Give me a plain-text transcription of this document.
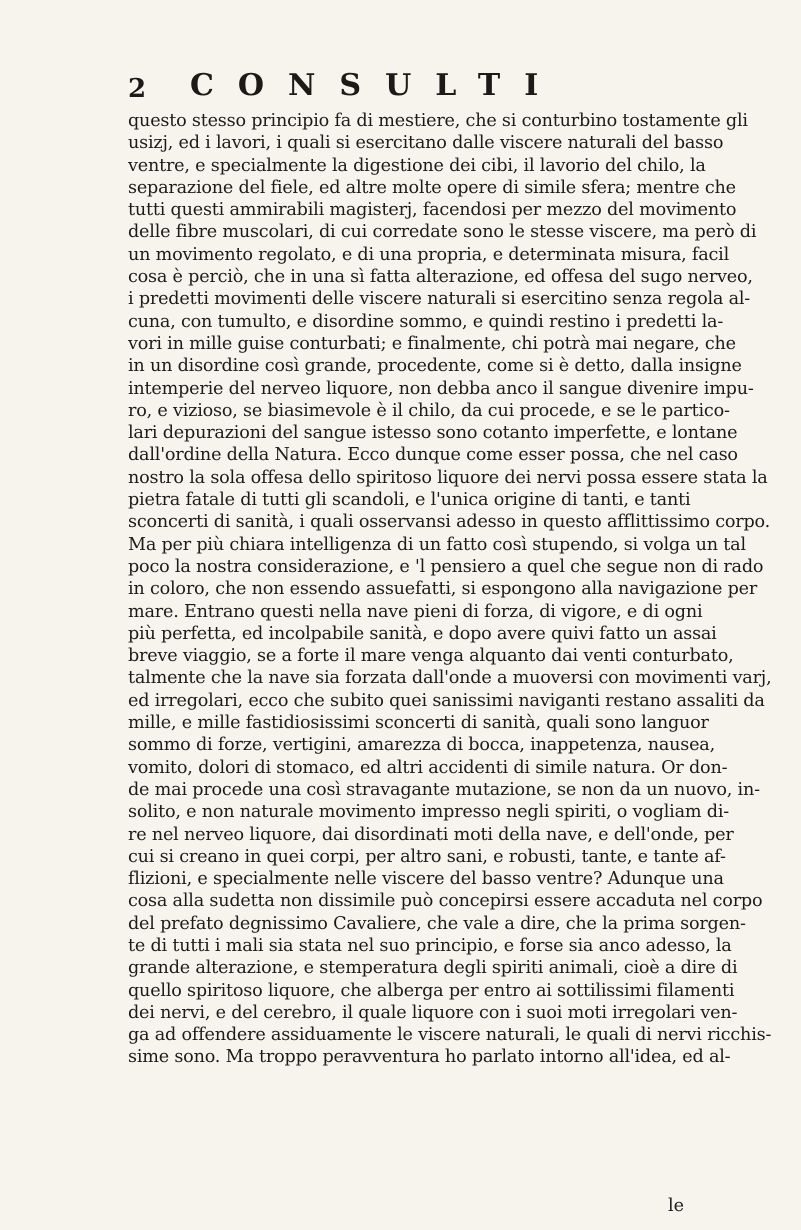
2 CONSULTI
questo stesso principio fa di mestiere, che si conturbino tostamente gli
usizj, ed i lavori, i quali si esercitano dalle viscere naturali del basso
ventre, e specialmente la digestione dei cibi, il lavorio del chilo, la
separazione del fiele, ed altre molte opere di simile sfera; mentre che
tutti questi ammirabili magisterj, facendosi per mezzo del movimento
delle fibre muscolari, di cui corredate sono le stesse viscere, ma però di
un movimento regolato, e di una propria, e determinata misura, facil
cosa è perciò, che in una sì fatta alterazione, ed offesa del sugo nerveo,
i predetti movimenti delle viscere naturali si esercitino senza regola al-
cuna, con tumulto, e disordine sommo, e quindi restino i predetti la-
vori in mille guise conturbati; e finalmente, chi potrà mai negare, che
in un disordine così grande, procedente, come si è detto, dalla insigne
intemperie del nerveo liquore, non debba anco il sangue divenire impu-
ro, e vizioso, se biasimevole è il chilo, da cui procede, e se le partico-
lari depurazioni del sangue istesso sono cotanto imperfette, e lontane
dall'ordine della Natura. Ecco dunque come esser possa, che nel caso
nostro la sola offesa dello spiritoso liquore dei nervi possa essere stata la
pietra fatale di tutti gli scandoli, e l'unica origine di tanti, e tanti
sconcerti di sanità, i quali osservansi adesso in questo afflittissimo corpo.
Ma per più chiara intelligenza di un fatto così stupendo, si volga un tal
poco la nostra considerazione, e 'l pensiero a quel che segue non di rado
in coloro, che non essendo assuefatti, si espongono alla navigazione per
mare. Entrano questi nella nave pieni di forza, di vigore, e di ogni
più perfetta, ed incolpabile sanità, e dopo avere quivi fatto un assai
breve viaggio, se a forte il mare venga alquanto dai venti conturbato,
talmente che la nave sia forzata dall'onde a muoversi con movimenti varj,
ed irregolari, ecco che subito quei sanissimi naviganti restano assaliti da
mille, e mille fastidiosissimi sconcerti di sanità, quali sono languor
sommo di forze, vertigini, amarezza di bocca, inappetenza, nausea,
vomito, dolori di stomaco, ed altri accidenti di simile natura. Or don-
de mai procede una così stravagante mutazione, se non da un nuovo, in-
solito, e non naturale movimento impresso negli spiriti, o vogliam di-
re nel nerveo liquore, dai disordinati moti della nave, e dell'onde, per
cui si creano in quei corpi, per altro sani, e robusti, tante, e tante af-
flizioni, e specialmente nelle viscere del basso ventre? Adunque una
cosa alla sudetta non dissimile può concepirsi essere accaduta nel corpo
del prefato degnissimo Cavaliere, che vale a dire, che la prima sorgen-
te di tutti i mali sia stata nel suo principio, e forse sia anco adesso, la
grande alterazione, e stemperatura degli spiriti animali, cioè a dire di
quello spiritoso liquore, che alberga per entro ai sottilissimi filamenti
dei nervi, e del cerebro, il quale liquore con i suoi moti irregolari ven-
ga ad offendere assiduamente le viscere naturali, le quali di nervi ricchis-
sime sono. Ma troppo peravventura ho parlato intorno all'idea, ed al-
le
